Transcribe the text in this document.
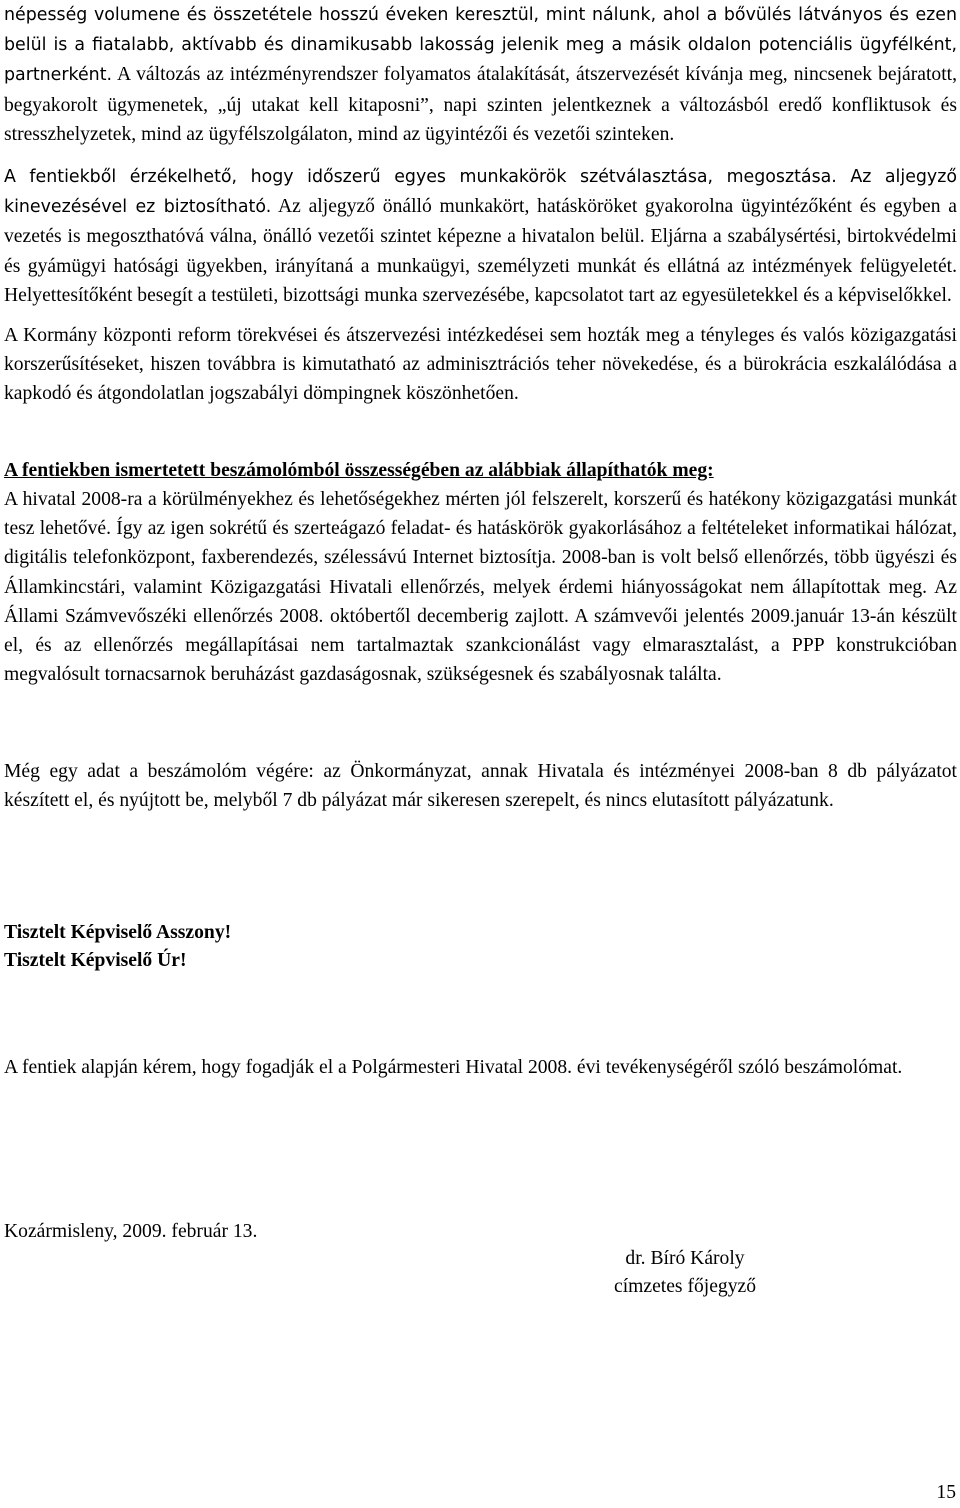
népesség volumene és összetétele hosszú éveken keresztül, mint nálunk, ahol a bővülés látványos és ezen belül is a fiatalabb, aktívabb és dinamikusabb lakosság jelenik meg a másik oldalon potenciális ügyfélként, partnerként. A változás az intézményrendszer folyamatos átalakítását, átszervezését kívánja meg, nincsenek bejáratott, begyakorolt ügymenetek, „új utakat kell kitaposni”, napi szinten jelentkeznek a változásból eredő konfliktusok és stresszhelyzetek, mind az ügyfélszolgálaton, mind az ügyintézői és vezetői szinteken.

A fentiekből érzékelhető, hogy időszerű egyes munkakörök szétválasztása, megosztása. Az aljegyző kinevezésével ez biztosítható. Az aljegyző önálló munkakört, hatásköröket gyakorolna ügyintézőként és egyben a vezetés is megoszthatóvá válna, önálló vezetői szintet képezne a hivatalon belül. Eljárna a szabálysértési, birtokvédelmi és gyámügyi hatósági ügyekben, irányítaná a munkaügyi, személyzeti munkát és ellátná az intézmények felügyeletét. Helyettesítőként besegít a testületi, bizottsági munka szervezésébe, kapcsolatot tart az egyesületekkel és a képviselőkkel.

A Kormány központi reform törekvései és átszervezési intézkedései sem hozták meg a tényleges és valós közigazgatási korszerűsítéseket, hiszen továbbra is kimutatható az adminisztrációs teher növekedése, és a bürokrácia eszkalálódása a kapkodó és átgondolatlan jogszabályi dömpingnek köszönhetően.

A fentiekben ismertetett beszámolómból összességében az alábbiak állapíthatók meg:

A hivatal 2008-ra a körülményekhez és lehetőségekhez mérten jól felszerelt, korszerű és hatékony közigazgatási munkát tesz lehetővé. Így az igen sokrétű és szerteágazó feladat- és hatáskörök gyakorlásához a feltételeket informatikai hálózat, digitális telefonközpont, faxberendezés, szélessávú Internet biztosítja. 2008-ban is volt belső ellenőrzés, több ügyészi és Államkincstári, valamint Közigazgatási Hivatali ellenőrzés, melyek érdemi hiányosságokat nem állapítottak meg. Az Állami Számvevőszéki ellenőrzés 2008. októbertől decemberig zajlott. A számvevői jelentés 2009.január 13-án készült el, és az ellenőrzés megállapításai nem tartalmaztak szankcionálást vagy elmarasztalást, a PPP konstrukcióban megvalósult tornacsarnok beruházást gazdaságosnak, szükségesnek és szabályosnak találta.

Még egy adat a beszámolóm végére: az Önkormányzat, annak Hivatala és intézményei 2008-ban 8 db pályázatot készített el, és nyújtott be, melyből 7 db pályázat már sikeresen szerepelt, és nincs elutasított pályázatunk.

Tisztelt Képviselő Asszony!

Tisztelt Képviselő Úr!

A fentiek alapján kérem, hogy fogadják el a Polgármesteri Hivatal 2008. évi tevékenységéről szóló beszámolómat.

Kozármisleny, 2009. február 13.

dr. Bíró Károly

címzetes főjegyző

15
